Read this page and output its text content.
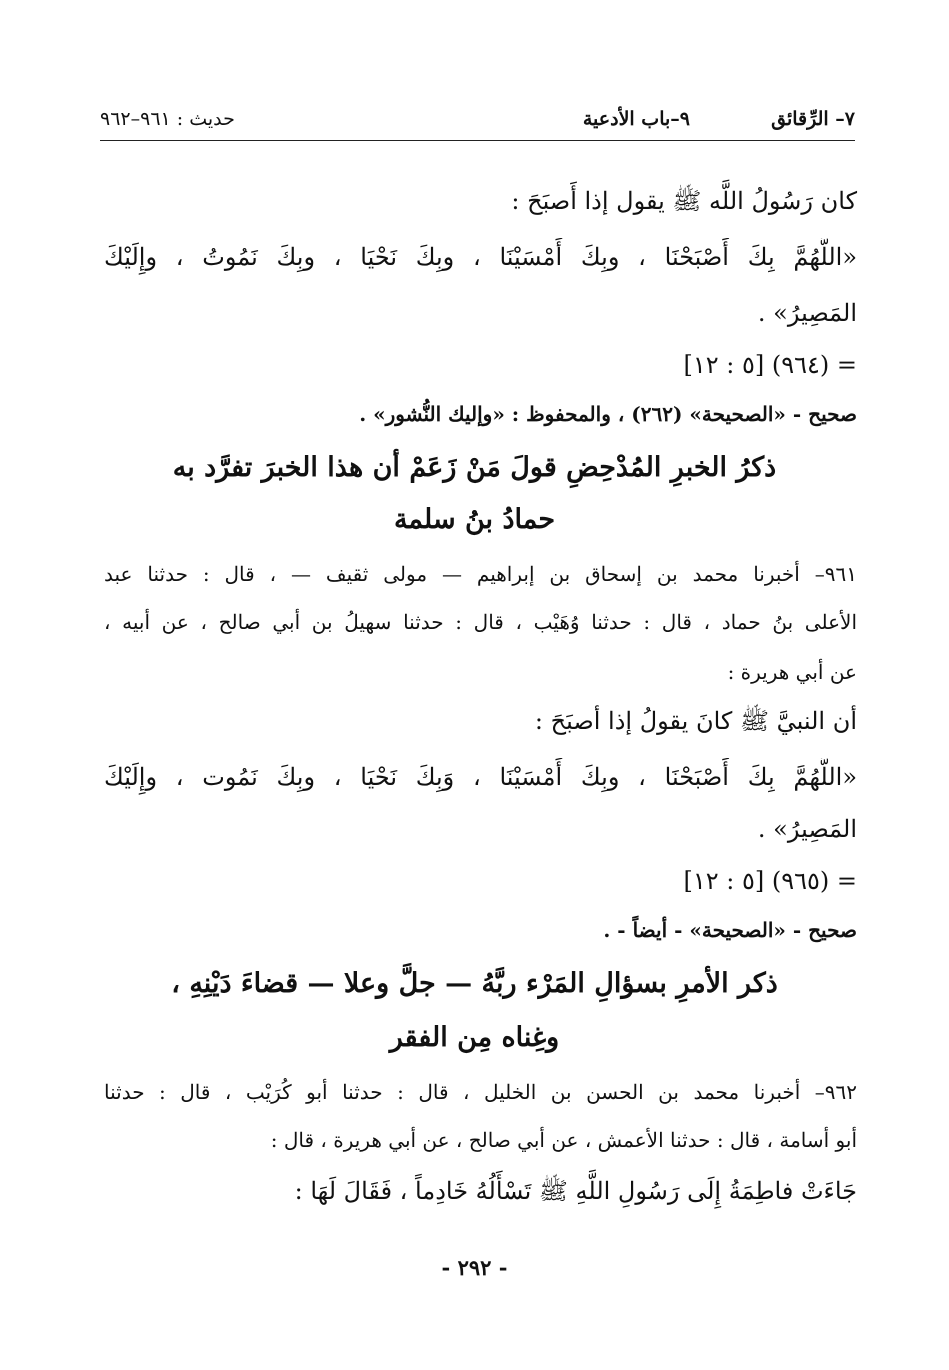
٧– الرِّقائق
٩–باب الأدعية
حديث : ٩٦١–٩٦٢
كان رَسُولُ اللَّه ﷺ يقول إذا أَصبَحَ :
«اللَّهُمَّ بِكَ أَصْبَحْنَا ، وبِكَ أَمْسَيْنَا ، وبِكَ نَحْيَا ، وبِكَ نَمُوتُ ، وإِلَيْكَ
المَصِيرُ» .
= (٩٦٤) [٥ : ١٢]
صحيح - «الصحيحة» (٢٦٢) ، والمحفوظ : «وإليك النُّشور» .
ذكرُ الخبرِ المُدْحِضِ قولَ مَنْ زَعَمْ أن هذا الخبرَ تفرَّد به
حمادُ بنُ سلمة
٩٦١– أخبرنا محمد بن إسحاق بن إبراهيم — مولى ثقيف — ، قال : حدثنا عبد
الأعلى بنُ حماد ، قال : حدثنا وُهَيْب ، قال : حدثنا سهيلُ بن أبي صالح ، عن أبيه ،
عن أبي هريرة :
أن النبيَّ ﷺ كانَ يقولُ إذا أصبَحَ :
«اللَّهُمَّ بِكَ أَصْبَحْنَا ، وبِكَ أَمْسَيْنَا ، وَبِكَ نَحْيَا ، وبِكَ نَمُوت ، وإِلَيْكَ
المَصِيرُ» .
= (٩٦٥) [٥ : ١٢]
صحيح - «الصحيحة» - أيضاً - .
ذكر الأمرِ بسؤالِ المَرْء ربَّهُ — جلَّ وعلا — قضاءَ دَيْنِهِ ،
وغِناه مِن الفقر
٩٦٢– أخبرنا محمد بن الحسن بن الخليل ، قال : حدثنا أبو كُرَيْب ، قال : حدثنا
أبو أسامة ، قال : حدثنا الأعمش ، عن أبي صالح ، عن أبي هريرة ، قال :
جَاءَتْ فاطِمَةُ إِلَى رَسُولِ اللَّهِ ﷺ تَسْأَلُهُ خَادِماً ، فَقَالَ لَهَا :
- ٢٩٢ -
